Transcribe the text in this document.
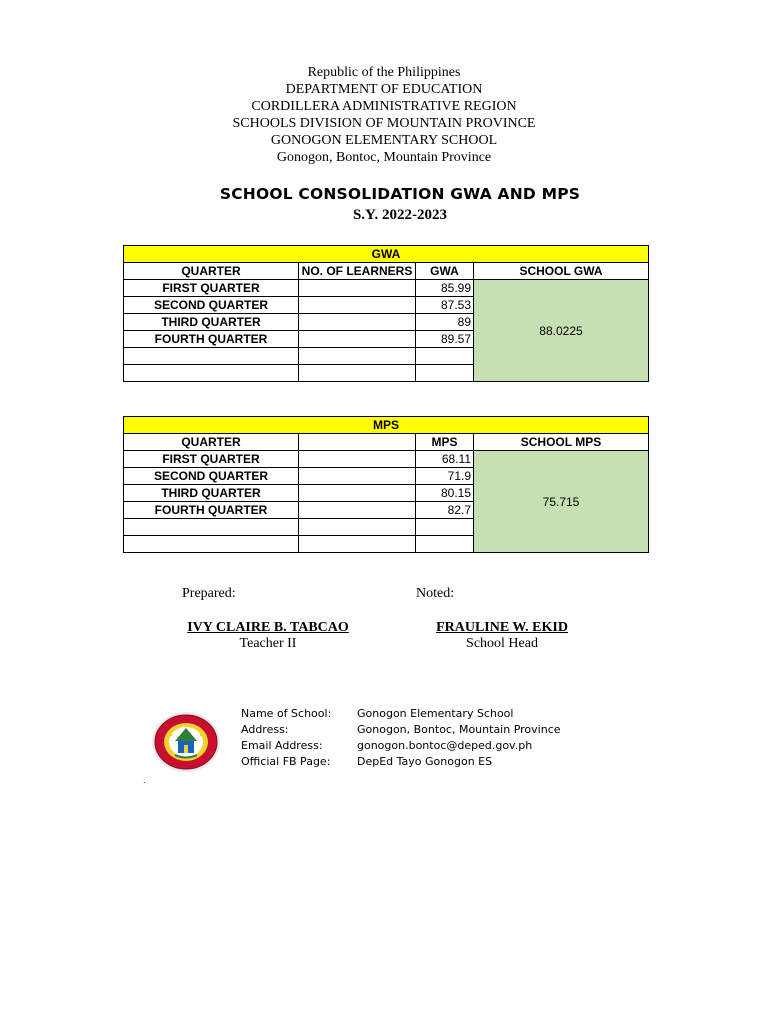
Republic of the Philippines
DEPARTMENT OF EDUCATION
CORDILLERA ADMINISTRATIVE REGION
SCHOOLS DIVISION OF MOUNTAIN PROVINCE
GONOGON ELEMENTARY SCHOOL
Gonogon, Bontoc, Mountain Province
SCHOOL CONSOLIDATION GWA AND MPS
S.Y. 2022-2023
GWA			
QUARTER	NO. OF LEARNERS	GWA	SCHOOL GWA
FIRST QUARTER		85.99	88.0225
SECOND QUARTER		87.53	
THIRD QUARTER		89	
FOURTH QUARTER		89.57	

MPS			
QUARTER		MPS	SCHOOL MPS
FIRST QUARTER		68.11	75.715
SECOND QUARTER		71.9	
THIRD QUARTER		80.15	
FOURTH QUARTER		82.7	

Prepared:	Noted:
IVY CLAIRE B. TABCAO
Teacher II
FRAULINE W. EKID
School Head
Name of School:	Gonogon Elementary School
Address:	Gonogon, Bontoc, Mountain Province
Email Address:	gonogon.bontoc@deped.gov.ph
Official FB Page:	DepEd Tayo Gonogon ES
.
